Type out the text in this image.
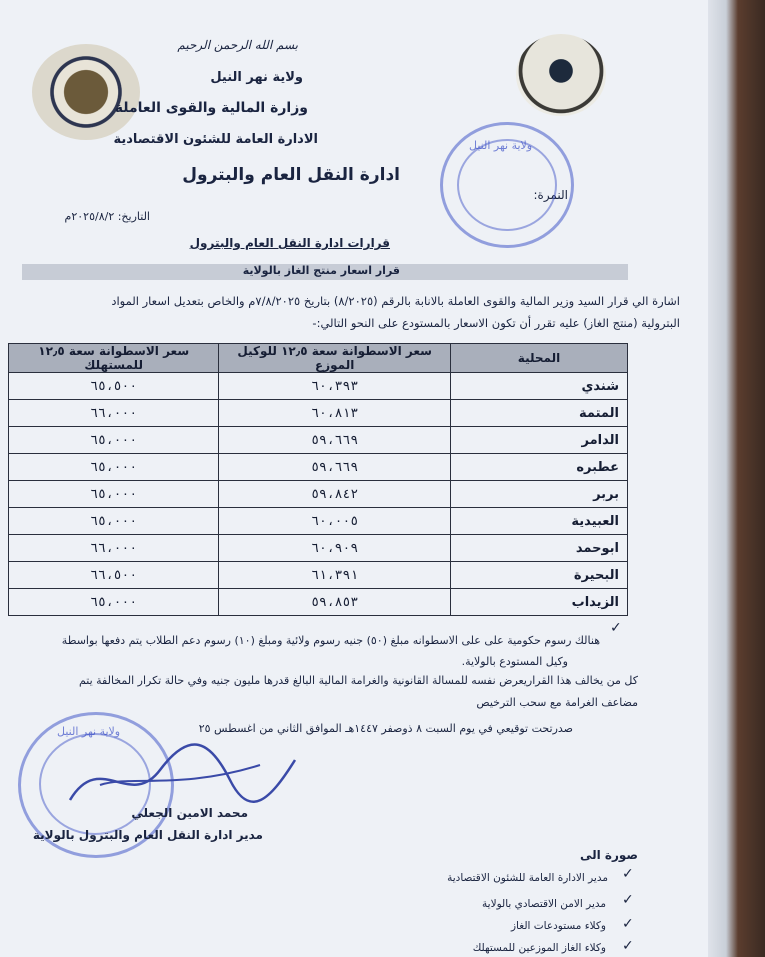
بسم الله الرحمن الرحيم
ولاية نهر النيل
وزارة المالية والقوى العاملة
الادارة العامة للشئون الاقتصادية
ادارة النقل العام والبترول
النمرة:
التاريخ: ٢٠٢٥/٨/٢م
ولاية نهر النيل
قرارات ادارة النقل العام والبترول
قرار اسعار منتج الغاز بالولاية
اشارة الي قرار السيد وزير المالية والقوى العاملة بالانابة بالرقم (٨/٢٠٢٥) بتاريخ ٧/٨/٢٠٢٥م والخاص بتعديل اسعار المواد
البترولية (منتج الغاز) عليه تقرر أن تكون الاسعار بالمستودع على النحو التالي:-
المحلية	سعر الاسطوانة سعة ١٢٫٥ للوكيل الموزع	سعر الاسطوانة سعة ١٢٫٥ للمستهلك
شندي	٦٠،٣٩٣	٦٥،٥٠٠
المتمة	٦٠،٨١٣	٦٦،٠٠٠
الدامر	٥٩،٦٦٩	٦٥،٠٠٠
عطبره	٥٩،٦٦٩	٦٥،٠٠٠
بربر	٥٩،٨٤٢	٦٥،٠٠٠
العبيدية	٦٠،٠٠٥	٦٥،٠٠٠
ابوحمد	٦٠،٩٠٩	٦٦،٠٠٠
البحيرة	٦١،٣٩١	٦٦،٥٠٠
الزيداب	٥٩،٨٥٣	٦٥،٠٠٠
✓
هنالك رسوم حكومية على على الاسطوانه مبلغ (٥٠) جنيه رسوم ولائية ومبلغ (١٠) رسوم دعم الطلاب يتم دفعها بواسطة
وكيل المستودع بالولاية.
كل من يخالف هذا القراريعرض نفسه للمسالة القانونية والغرامة المالية البالغ قدرها مليون جنيه وفي حالة تكرار المخالفة يتم
مضاعف الغرامة مع سحب الترخيص
صدرتحت توقيعي في يوم السبت ٨ ذوصفر ١٤٤٧هـ الموافق الثاني من اغسطس ٢٥
ولاية نهر النيل
محمد الامين الجعلي
مدير ادارة النقل العام والبترول بالولاية
صورة الى
✓
مدير الادارة العامة للشئون الاقتصادية
✓
مدير الامن الاقتصادي بالولاية
✓
وكلاء مستودعات الغاز
✓
وكلاء الغاز الموزعين للمستهلك
